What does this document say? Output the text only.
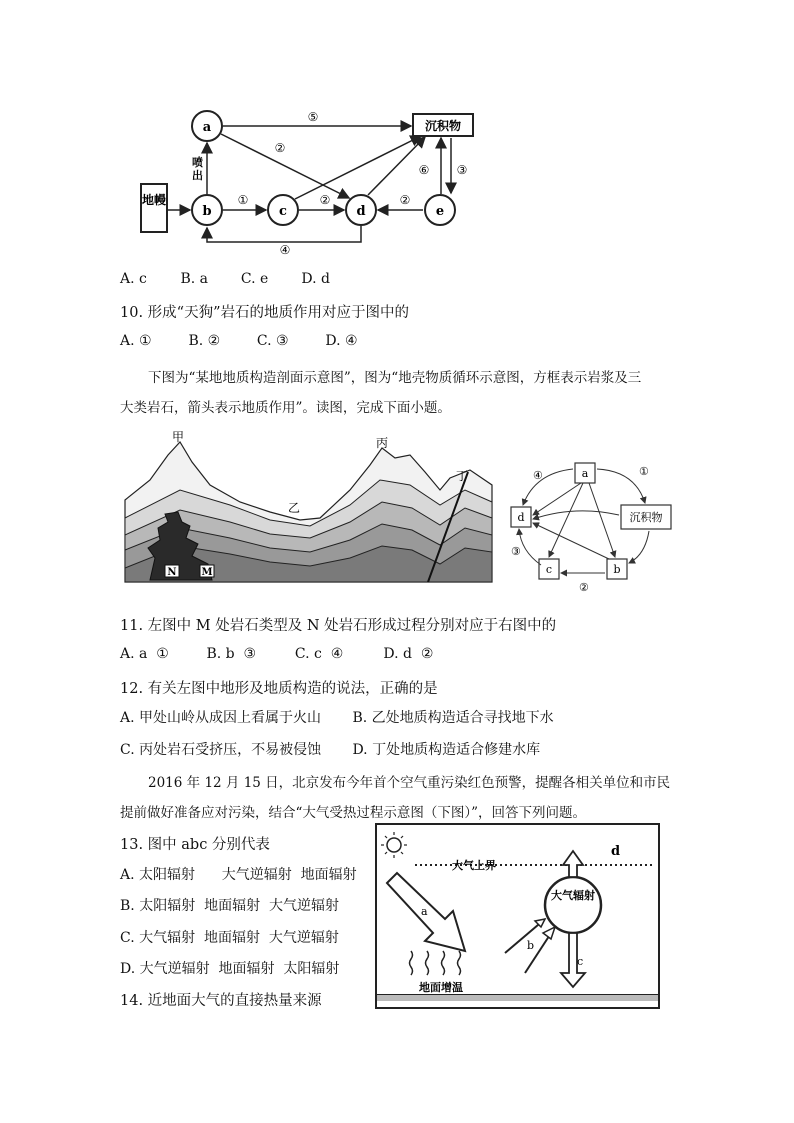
a
b	c	d	e
地幔
沉积物
喷出
⑤
②
①	②	②
⑥ ③
④
A. c B. a C. e D. d
10. 形成“天狗”岩石的地质作用对应于图中的
A. ①	B. ②	C. ③	D. ④
下图为“某地地质构造剖面示意图”，图为“地壳物质循环示意图，方框表示岩浆及三
大类岩石，箭头表示地质作用”。读图，完成下面小题。
N M
甲
乙
丙
丁	a
d
c	b
沉积物
①
④
③
②
11. 左图中 M 处岩石类型及 N 处岩石形成过程分别对应于右图中的
A. a  ①	B. b  ③	C. c  ④	D. d  ②
12. 有关左图中地形及地质构造的说法，正确的是
A. 甲处山岭从成因上看属于火山 B. 乙处地质构造适合寻找地下水
C. 丙处岩石受挤压，不易被侵蚀 D. 丁处地质构造适合修建水库
2016 年 12 月 15 日，北京发布今年首个空气重污染红色预警，提醒各相关单位和市民
提前做好准备应对污染，结合“大气受热过程示意图（下图）”，回答下列问题。
13. 图中 abc 分别代表
A. 太阳辐射      大气逆辐射  地面辐射
B. 太阳辐射  地面辐射  大气逆辐射
C. 大气辐射  地面辐射  大气逆辐射
D. 大气逆辐射  地面辐射  太阳辐射
大气上界
a
地面增温
大气辐射
d
c
b
14. 近地面大气的直接热量来源
